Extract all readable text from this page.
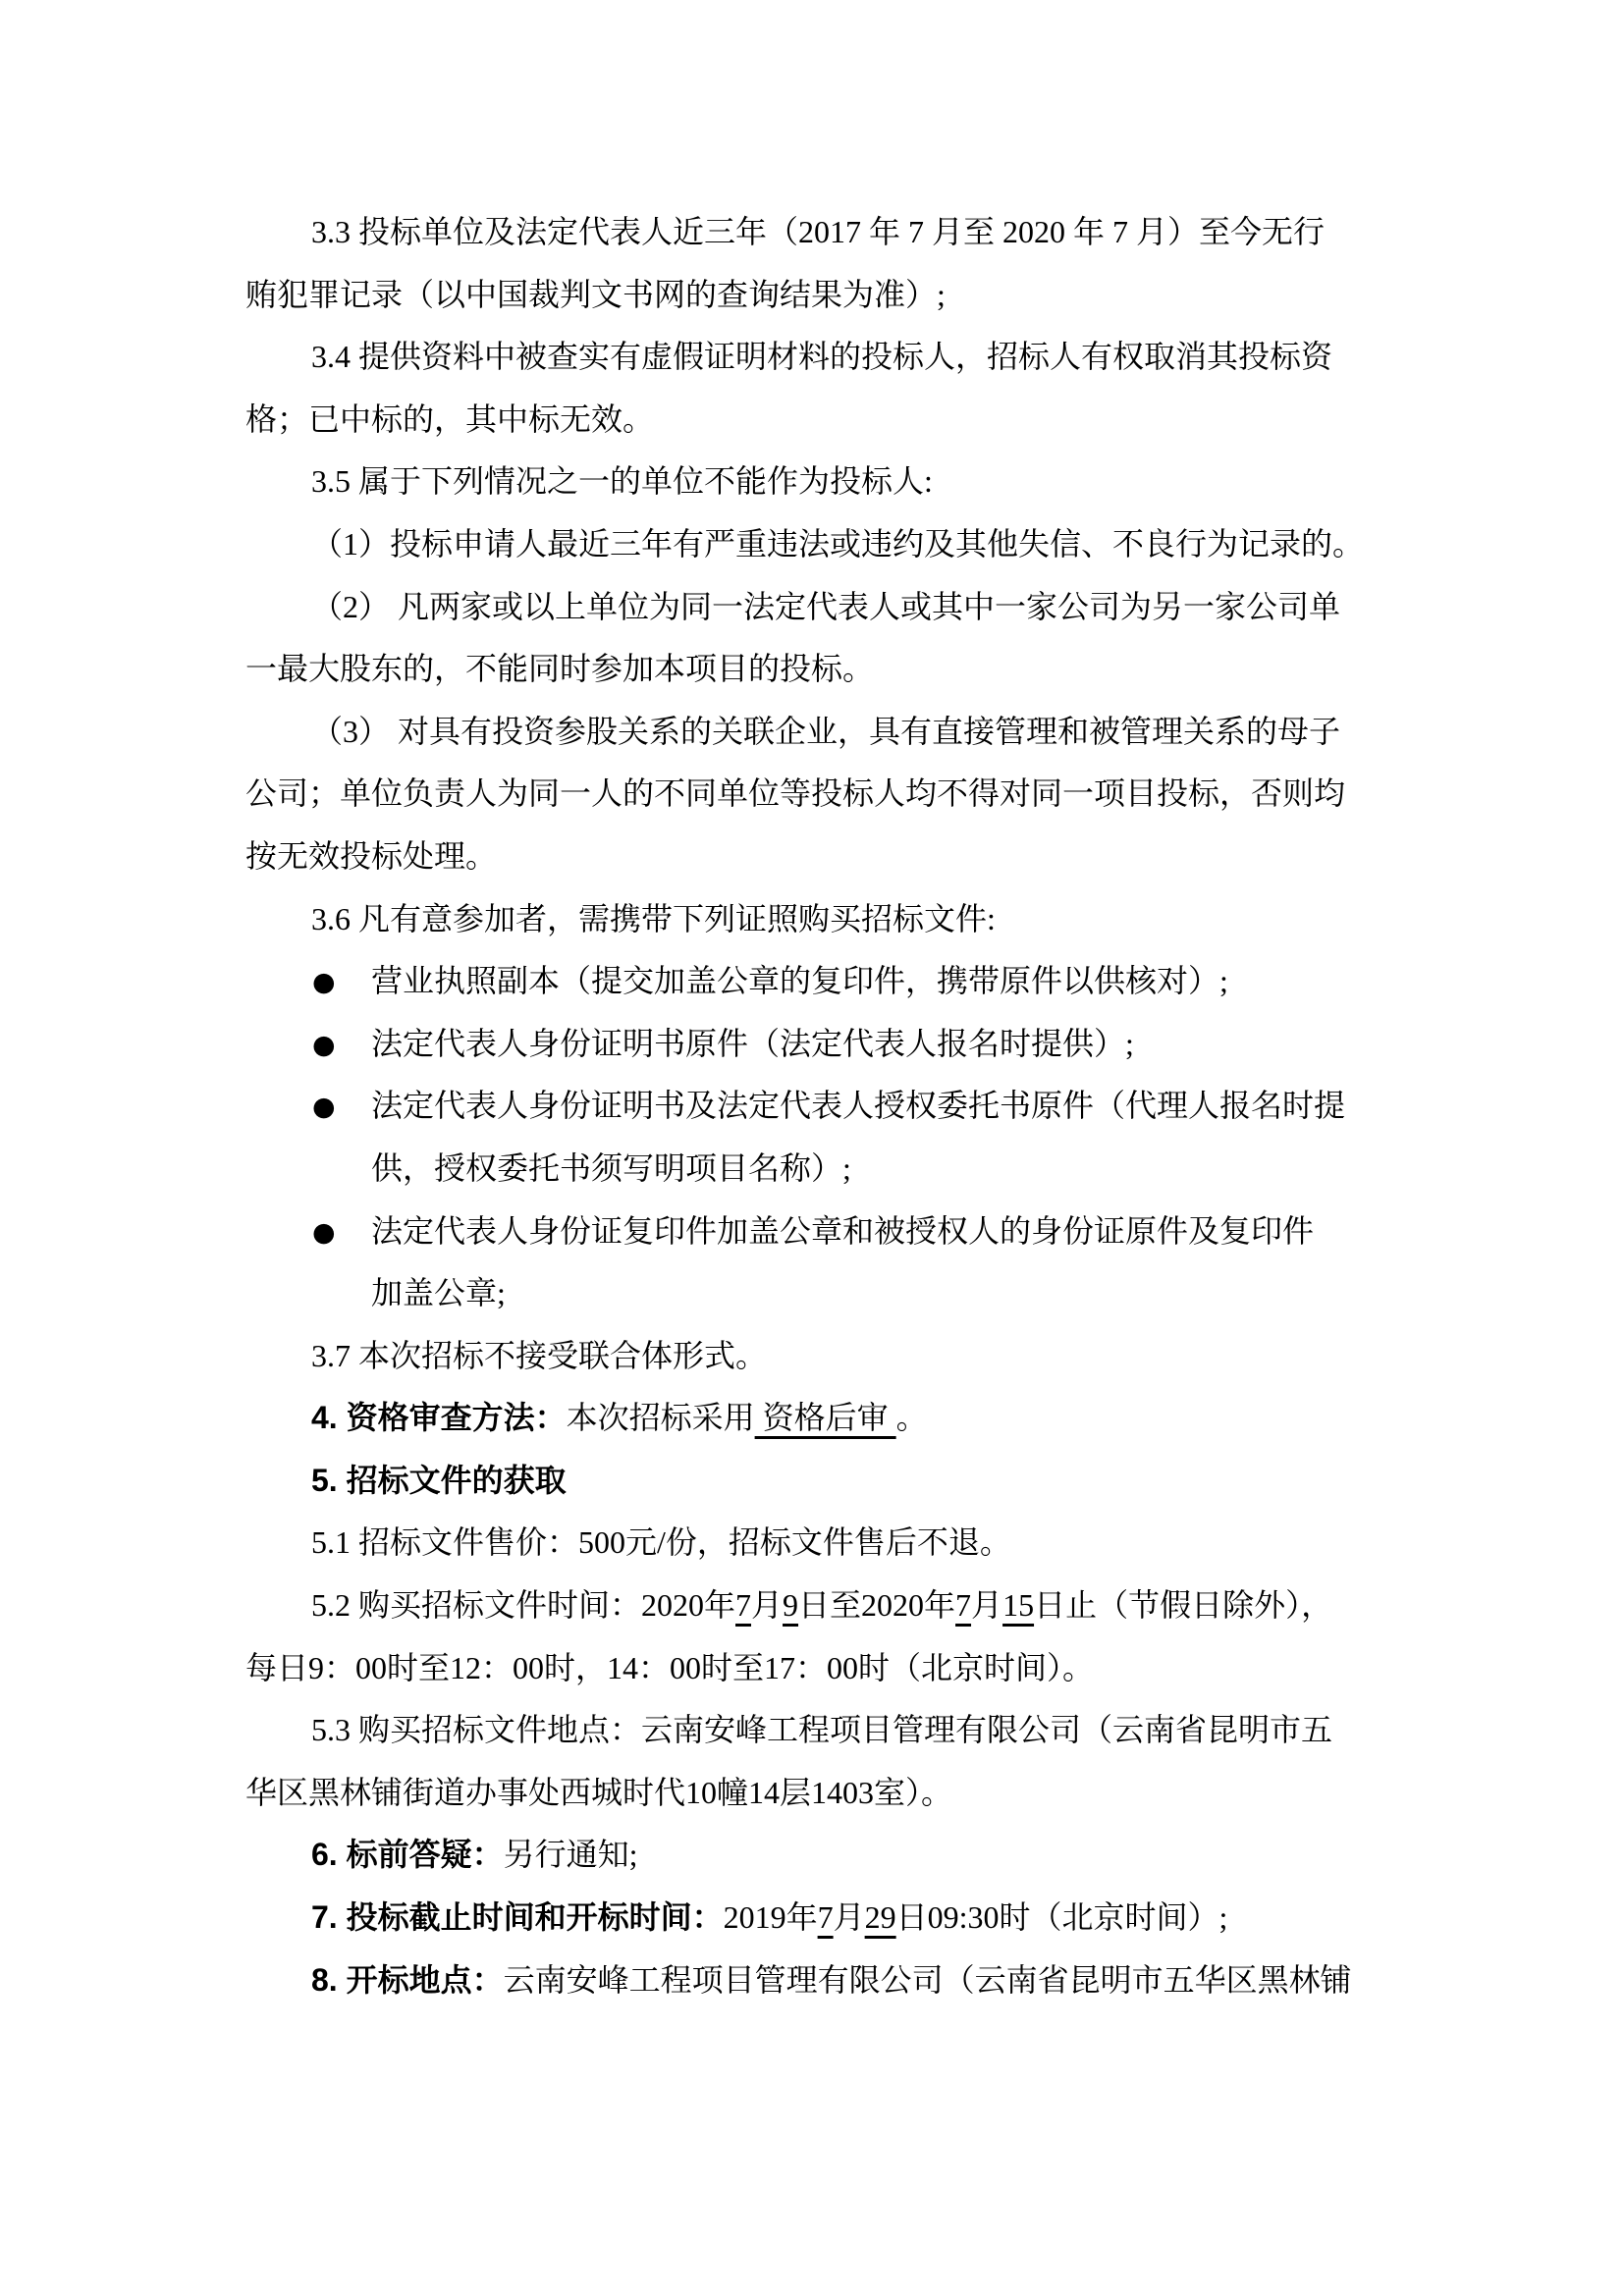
3.3 投标单位及法定代表人近三年（2017 年 7 月至 2020 年 7 月）至今无行
贿犯罪记录（以中国裁判文书网的查询结果为准）;
3.4 提供资料中被查实有虚假证明材料的投标人，招标人有权取消其投标资
格；已中标的，其中标无效。
3.5 属于下列情况之一的单位不能作为投标人:
（1）投标申请人最近三年有严重违法或违约及其他失信、不良行为记录的。
（2） 凡两家或以上单位为同一法定代表人或其中一家公司为另一家公司单
一最大股东的，不能同时参加本项目的投标。
（3） 对具有投资参股关系的关联企业，具有直接管理和被管理关系的母子
公司；单位负责人为同一人的不同单位等投标人均不得对同一项目投标，否则均
按无效投标处理。
3.6 凡有意参加者，需携带下列证照购买招标文件:
● 营业执照副本（提交加盖公章的复印件，携带原件以供核对）;
● 法定代表人身份证明书原件（法定代表人报名时提供）;
● 法定代表人身份证明书及法定代表人授权委托书原件（代理人报名时提
供，授权委托书须写明项目名称）;
● 法定代表人身份证复印件加盖公章和被授权人的身份证原件及复印件
加盖公章;
3.7 本次招标不接受联合体形式。
4. 资格审查方法：本次招标采用 资格后审 。
5. 招标文件的获取
5.1 招标文件售价：500元/份，招标文件售后不退。
5.2 购买招标文件时间：2020年7月9日至2020年7月15日止（节假日除外），
每日9：00时至12：00时，14：00时至17：00时（北京时间）。
5.3 购买招标文件地点：云南安峰工程项目管理有限公司（云南省昆明市五
华区黑林铺街道办事处西城时代10幢14层1403室）。
6. 标前答疑：另行通知;
7. 投标截止时间和开标时间：2019年7月29日09:30时（北京时间）;
8. 开标地点：云南安峰工程项目管理有限公司（云南省昆明市五华区黑林铺
